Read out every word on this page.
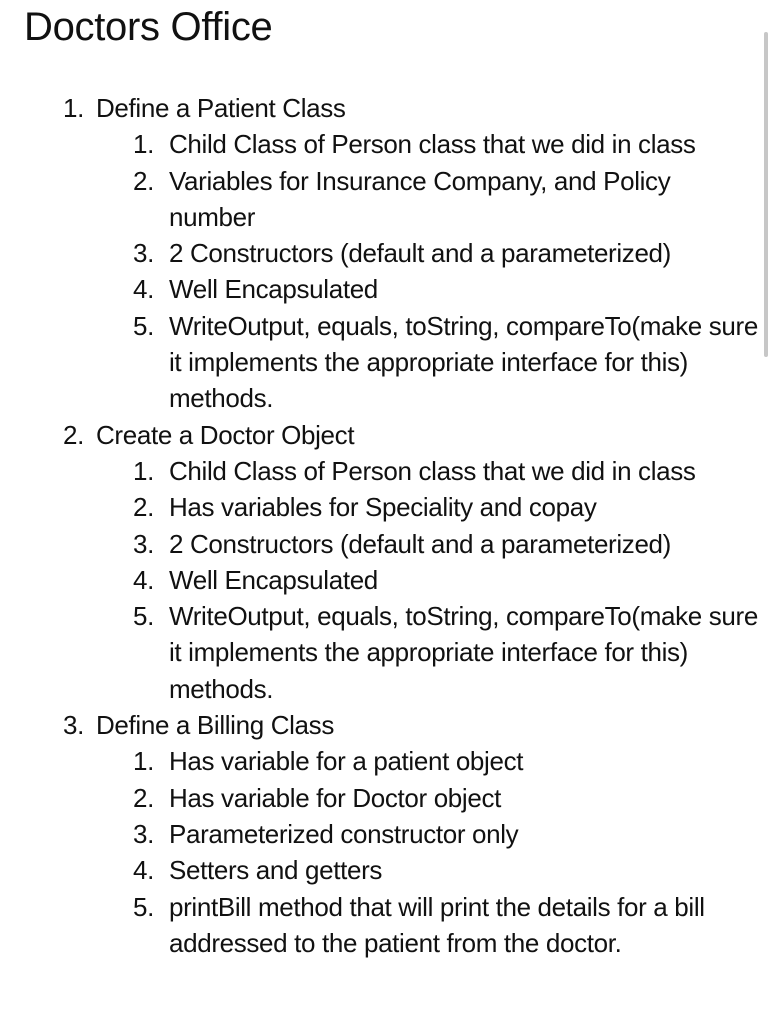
Doctors Office
1. Define a Patient Class
1. Child Class of Person class that we did in class
2. Variables for Insurance Company, and Policy number
3. 2 Constructors (default and a parameterized)
4. Well Encapsulated
5. WriteOutput, equals, toString, compareTo(make sure it implements the appropriate interface for this) methods.
2. Create a Doctor Object
1. Child Class of Person class that we did in class
2. Has variables for Speciality and copay
3. 2 Constructors (default and a parameterized)
4. Well Encapsulated
5. WriteOutput, equals, toString, compareTo(make sure it implements the appropriate interface for this) methods.
3. Define a Billing Class
1. Has variable for a patient object
2. Has variable for Doctor object
3. Parameterized constructor only
4. Setters and getters
5. printBill method that will print the details for a bill addressed to the patient from the doctor.
